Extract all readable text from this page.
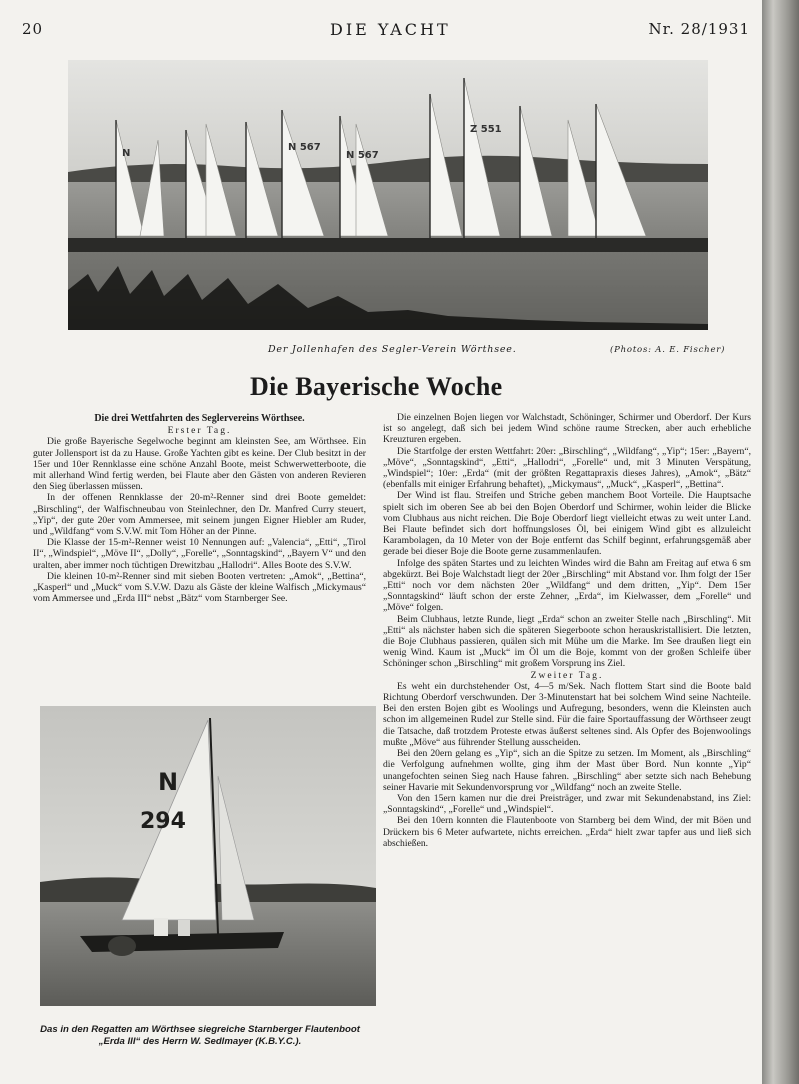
20	DIE YACHT	Nr. 28/1931
N
N 567
N 567
Z 551
Der Jollenhafen des Segler-Verein Wörthsee.	(Photos: A. E. Fischer)
Die Bayerische Woche

Die drei Wettfahrten des Seglervereins Wörthsee.

Erster Tag.

Die große Bayerische Segelwoche beginnt am kleinsten See, am Wörthsee. Ein guter Jollensport ist da zu Hause. Große Yachten gibt es keine. Der Club besitzt in der 15er und 10er Rennklasse eine schöne Anzahl Boote, meist Schwerwetterboote, die mit allerhand Wind fertig werden, bei Flaute aber den Gästen von anderen Revieren den Sieg überlassen müssen.

In der offenen Rennklasse der 20-m²-Renner sind drei Boote gemeldet: „Birschling“, der Walfischneubau von Steinlechner, den Dr. Manfred Curry steuert, „Yip“, der gute 20er vom Ammersee, mit seinem jungen Eigner Hiebler am Ruder, und „Wildfang“ vom S.V.W. mit Tom Höher an der Pinne.

Die Klasse der 15-m²-Renner weist 10 Nennungen auf: „Valencia“, „Etti“, „Tirol II“, „Windspiel“, „Möve II“, „Dolly“, „Forelle“, „Sonntagskind“, „Bayern V“ und den uralten, aber immer noch tüchtigen Drewitzbau „Hallodri“. Alles Boote des S.V.W.

Die kleinen 10-m²-Renner sind mit sieben Booten vertreten: „Amok“, „Bettina“, „Kasperl“ und „Muck“ vom S.V.W. Dazu als Gäste der kleine Walfisch „Mickymaus“ vom Ammersee und „Erda III“ nebst „Bätz“ vom Starnberger See.

N
294
Das in den Regatten am Wörthsee siegreiche Starnberger Flautenboot „Erda III“ des Herrn W. Sedlmayer (K.B.Y.C.).

Die einzelnen Bojen liegen vor Walchstadt, Schöninger, Schirmer und Oberdorf. Der Kurs ist so angelegt, daß sich bei jedem Wind schöne raume Strecken, aber auch erhebliche Kreuzturen ergeben.

Die Startfolge der ersten Wettfahrt: 20er: „Birschling“, „Wildfang“, „Yip“; 15er: „Bayern“, „Möve“, „Sonntagskind“, „Etti“, „Hallodri“, „Forelle“ und, mit 3 Minuten Verspätung, „Windspiel“; 10er: „Erda“ (mit der größten Regattapraxis dieses Jahres), „Amok“, „Bätz“ (ebenfalls mit einiger Erfahrung behaftet), „Mickymaus“, „Muck“, „Kasperl“, „Bettina“.

Der Wind ist flau. Streifen und Striche geben manchem Boot Vorteile. Die Hauptsache spielt sich im oberen See ab bei den Bojen Oberdorf und Schirmer, wohin leider die Blicke vom Clubhaus aus nicht reichen. Die Boje Oberdorf liegt vielleicht etwas zu weit unter Land. Bei Flaute befindet sich dort hoffnungsloses Öl, bei einigem Wind gibt es allzuleicht Karambolagen, da 10 Meter von der Boje entfernt das Schilf beginnt, erfahrungsgemäß aber gerade bei dieser Boje die Boote gerne zusammenlaufen.

Infolge des späten Startes und zu leichten Windes wird die Bahn am Freitag auf etwa 6 sm abgekürzt. Bei Boje Walchstadt liegt der 20er „Birschling“ mit Abstand vor. Ihm folgt der 15er „Etti“ noch vor dem nächsten 20er „Wildfang“ und dem dritten, „Yip“. Dem 15er „Sonntagskind“ läuft schon der erste Zehner, „Erda“, im Kielwasser, dem „Forelle“ und „Möve“ folgen.

Beim Clubhaus, letzte Runde, liegt „Erda“ schon an zweiter Stelle nach „Birschling“. Mit „Etti“ als nächster haben sich die späteren Siegerboote schon herauskristallisiert. Die letzten, die Boje Clubhaus passieren, quälen sich mit Mühe um die Marke. Im See draußen liegt ein wenig Wind. Kaum ist „Muck“ im Öl um die Boje, kommt von der großen Schleife über Schöninger schon „Birschling“ mit großem Vorsprung ins Ziel.

Zweiter Tag.

Es weht ein durchstehender Ost, 4—5 m/Sek. Nach flottem Start sind die Boote bald Richtung Oberdorf verschwunden. Der 3-Minutenstart hat bei solchem Wind seine Nachteile. Bei den ersten Bojen gibt es Woolings und Aufregung, besonders, wenn die Kleinsten auch schon im allgemeinen Rudel zur Stelle sind. Für die faire Sportauffassung der Wörthseer zeugt die Tatsache, daß trotzdem Proteste etwas äußerst seltenes sind. Als Opfer des Bojenwoolings mußte „Möve“ aus führender Stellung ausscheiden.

Bei den 20ern gelang es „Yip“, sich an die Spitze zu setzen. Im Moment, als „Birschling“ die Verfolgung aufnehmen wollte, ging ihm der Mast über Bord. Nun konnte „Yip“ unangefochten seinen Sieg nach Hause fahren. „Birschling“ aber setzte sich nach Behebung seiner Havarie mit Sekundenvorsprung vor „Wildfang“ noch an zweite Stelle.

Von den 15ern kamen nur die drei Preisträger, und zwar mit Sekundenabstand, ins Ziel: „Sonntagskind“, „Forelle“ und „Windspiel“.

Bei den 10ern konnten die Flautenboote von Starnberg bei dem Wind, der mit Böen und Drückern bis 6 Meter aufwartete, nichts erreichen. „Erda“ hielt zwar tapfer aus und ließ sich abschießen.
